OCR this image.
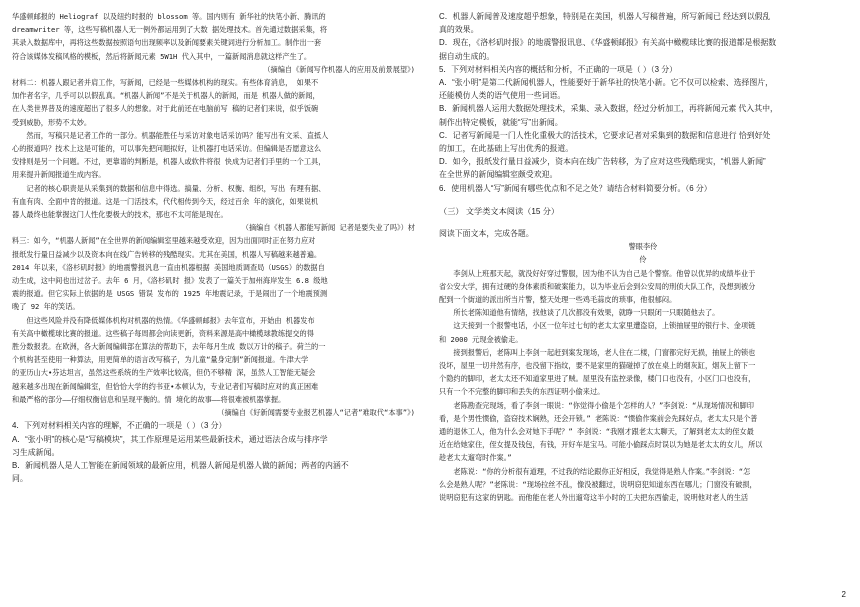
华盛顿邮报的 Heliograf 以及纽约时报的 blossom 等。国内则有 新华社的快笔小新、腾讯的
dreamwriter 等，这些写稿机器人无一例外都运用到了大数 据处理技术。首先通过数据采集，将
其录入数据库中，再将这些数据按照语句出现频率以及新闻要素关键词进行分析加工。制作出一套
符合该媒体发稿风格的模板，然后将新闻元素 5W1H 代入其中，一篇新闻消息就这样产生了。

（摘编自《新闻写作机器人的应用及前景展望》)

材料二：机器人跟记者并肩工作，写新闻，已经是一些媒体机构的现实。有些体育消息， 如果不
加作者名字，几乎可以以假乱真。“机器人新闻”不是关于机器人的新闻，而是 机器人做的新闻，
在人类世界普及的速度超出了很多人的想象。对于此前还在电脑前写 稿的记者们来说，似乎饭碗
受到威胁，形势不太妙。

然而，写稿只是记者工作的一部分。机器能胜任与采访对象电话采访吗？能写出有文采、直抵人
心的报道吗？技术上这是可能的，可以事先把问题拟好，让机器打电话采访。但编辑是否愿意这么
安排则是另一个问题。不过，更靠谱的判断是，机器人或软件将很 快成为记者们手里的一个工具，
用来提升新闻报道生成内容。

记者的核心职责是从采集到的数据和信息中得选。搞量、分析、权衡、组织，写出 有理有据、
有血有肉、全面中肯的报道。这是一门活技术，代代相传到今天，经过百余 年的演化，如果说机
器人最终也能掌握这门人性化要极大的技术，那也不太可能是现在。

（摘编自《机器人都能写新闻 记者是要失业了吗》）材

料三：如今，“机器人新闻”在全世界的新闻编辑室里越来越受欢迎，因为出面同时正在努力应对
报纸发行量日益减少以及资本向在线广告转移的残酷现实。尤其在美国，机器人写稿越来越普遍。
2014 年以来，《洛杉矶时报》的地震警报汎息一直由机器根据 美国地质调查局（USGS）的数据自
动生成，这中间也出过岔子。去年 6 月，《洛杉矶时 报》发表了一篇关于加州海岸发生 6.8 级地
震的报道。但它实际上依据的是 USGS 错误 发布的 1925 年地震记录，于是闹出了一个地震预测
晚了 92 年的笑话。

但这些风险并没有降低媒体机构对机器的热情。《华盛顿邮报》去年宣布，开始由 机器发布
有关高中橄榄球比赛的报道。这些稿子每周都会向读更新，资料来源是高中橄榄球教练提交的得
胜分数报表。在欧洲，各大新闻编辑部在算法的帮助下，去年每月生成 数以万计的稿子。荷兰的一
个机构甚至使用一种算法，用更简单的语言改写稿子，为儿童“量身定制”新闻报道。牛津大学
的亚历山大•芬达坦言，虽然这些系统的生产效率比较高，但仍不够精 深，虽然人工智能无疑会
越来越多出现在新闻编辑室，但恰恰大学的约书亚•本顿认为，专业记者们写稿时应对的真正困难
和最严格的部分——仔细权衡信息和呈现平衡的。情 境化的故事——将很难被机器掌握。

（摘编自《好新闻需要专业报艺机器人“记者”难取代“本事”》)

4．下列对材料相关内容的理解，不正确的一项是（ ）（3 分）

A．“张小明”的核心是“写稿模块”，其工作原理是运用某些最新技术，通过语法合成与排序学
习生成新闻。

B．新闻机器人是人工智能在新闻领域的最新应用，机器人新闻是机器人做的新闻；两者的内涵不
同。

C．机器人新闻普及速度超乎想象，特别是在美国，机器人写稿普遍，所写新闻已 经达到以假乱
真的效果。

D．现在，《洛杉矶时报》的地震警报讯息、《华盛顿邮报》有关高中橄榄球比赛的报道都是根据数
据自动生成的。

5．下列对材料相关内容的概括和分析，不正确的一项是（ ）（3 分）

A．“张小明”是第二代新闻机器人，性能要好于新华社的快笔小新。它不仅可以检索、选择图片，
还能模仿人类的语气使用一些词语。

B．新闻机器人运用大数据处理技术，采集、录入数据，经过分析加工，再将新闻元素 代入其中，
制作出特定模板，就能“写”出新闻。

C．记者写新闻是一门人性化重极大的活技术，它要求记者对采集到的数据和信息进行 恰到好处
的加工，在此基础上写出优秀的报道。

D．如今，报纸发行量日益减少，资本向在线广告转移，为了应对这些残酷现实，“机器人新闻”
在全世界的新闻编辑室颇受欢迎。

6．使用机器人“写”新闻有哪些优点和不足之处？请结合材料简要分析。（6 分）

（三） 文学类文本阅读（15 分）

阅读下面文本，完成各题。

警眼李伶

伶

李剑从上班那天起，就没好好穿过警服，因为他不认为自己是个警察。他曾以优异的成绩毕业于
省公安大学，拥有过硬的身体素质和破案能力，以为毕业后会到公安局的刑侦大队工作，没想到被分
配到一个街道的派出所当片警，整天处理一些鸡毛蒜皮的琐事，他很郁闷。

所长老陈知道他有情绪，找他谈了几次都没有效果，就睁一只眼闭一只眼随他去了。

这天接到一个报警电话，小区一位年过七旬的老太太家里遭盗窃，上锁抽屉里的银行卡、金项链
和 2000 元现金被偷走。

接到报警后，老陈叫上李剑一起赶到案发现场，老人住在二楼，门窗都完好无损，抽屉上的锁也
没坏，屋里一切井然有序，也没留下指纹，要不是家里的猫碰掉了放在桌上的烟灰缸，烟灰上留下一
个隐约的脚印，老太太还不知道家里进了贼。屋里没有监控录像，楼门口也没有，小区门口也没有，
只有一个不完整的脚印和丢失的东西证明小偷来过。

老陈勘查完现场，看了李剑一眼说：“你觉得小偷是个怎样的人？”李剑说：“从现场情况和脚印
看，是个男性惯偷，盗窃技术娴熟，还会开锁。” 老陈说：“惯偷作案前会先踩好点，老太太只是个普
通的退休工人，他为什么会对她下手呢？” 李剑说：“我刚才跟老太太聊天，了解到老太太的侄女最
近在给她家住，侄女提及钱包，有钱，开好车是宝马。可能小偷踩点时误以为她是老太太的女儿，所以
趁老太太遛弯时作案。”

老陈说：“你的分析很有道理，不过我的结论跟你正好相反，我觉得是熟人作案。”李剑说：“怎
么会是熟人呢？”老陈说：“现场拉丝不乱，像没被翻过，说明窃犯知道东西在哪儿；门窗没有破损，
说明窃犯有这家的钥匙。而他能在老人外出遛弯这半小时的工夫把东西偷走，说明他对老人的生活

2
